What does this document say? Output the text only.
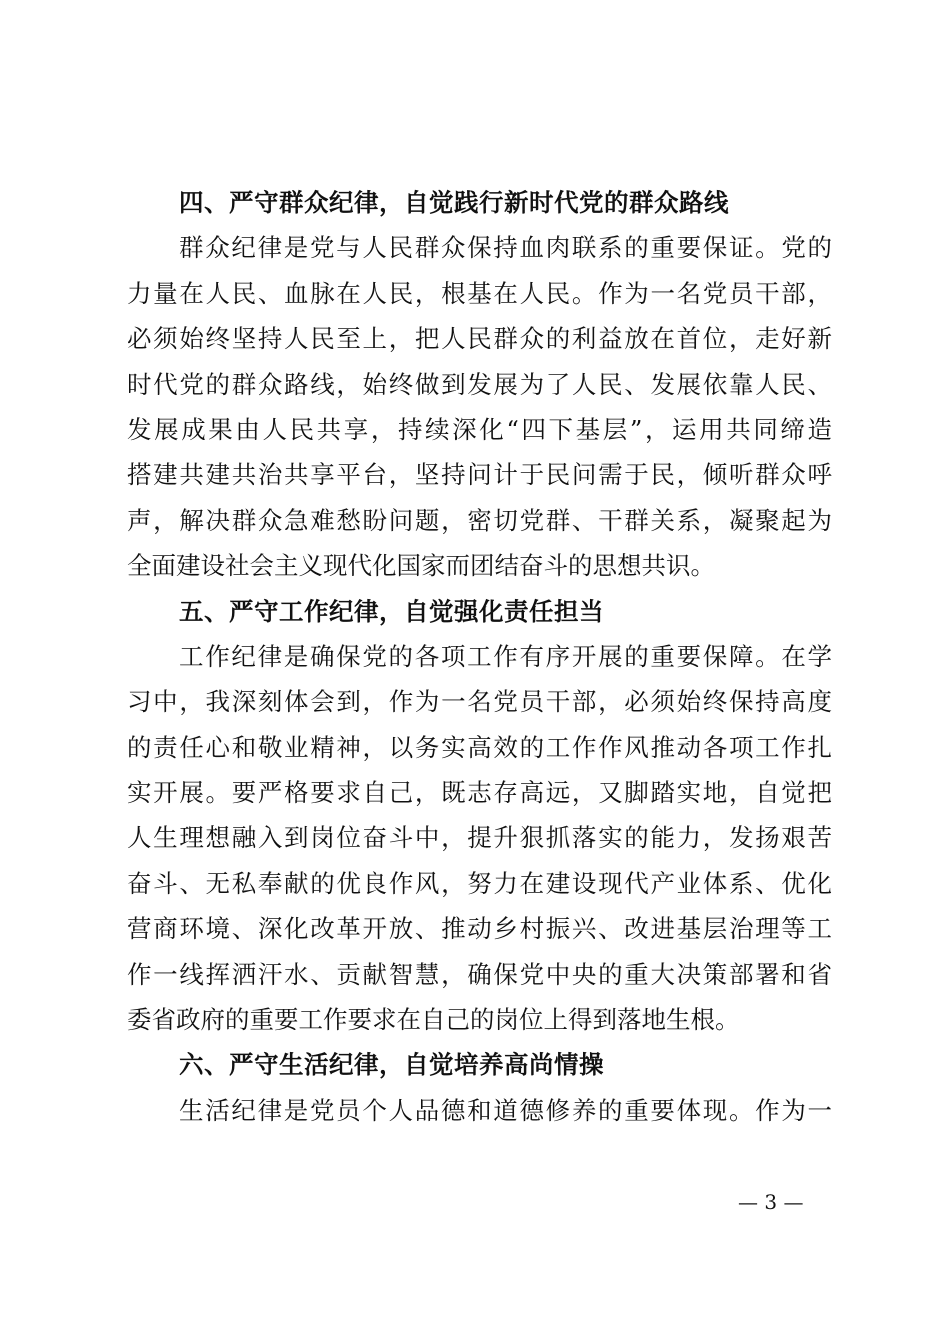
四、严守群众纪律，自觉践行新时代党的群众路线
群 众 纪 律 是 党 与 人 民 群 众 保 持 血 肉 联 系 的 重 要 保 证 。 党 的
力 量 在 人 民 、 血 脉 在 人 民 ， 根 基 在 人 民 。 作 为 一 名 党 员 干 部 ，
必 须 始 终 坚 持 人 民 至 上 ， 把 人 民 群 众 的 利 益 放 在 首 位 ， 走 好 新
时 代 党 的 群 众 路 线 ， 始 终 做 到 发 展 为 了 人 民 、 发 展 依 靠 人 民 、
发 展 成 果 由 人 民 共 享 ， 持 续 深 化 “ 四 下 基 层 ” ， 运 用 共 同 缔 造
搭 建 共 建 共 治 共 享 平 台 ， 坚 持 问 计 于 民 问 需 于 民 ， 倾 听 群 众 呼
声 ， 解 决 群 众 急 难 愁 盼 问 题 ， 密 切 党 群 、 干 群 关 系 ， 凝 聚 起 为
全面建设社会主义现代化国家而团结奋斗的思想共识。
五、严守工作纪律，自觉强化责任担当
工 作 纪 律 是 确 保 党 的 各 项 工 作 有 序 开 展 的 重 要 保 障 。 在 学
习 中 ， 我 深 刻 体 会 到 ， 作 为 一 名 党 员 干 部 ， 必 须 始 终 保 持 高 度
的 责 任 心 和 敬 业 精 神 ， 以 务 实 高 效 的 工 作 作 风 推 动 各 项 工 作 扎
实 开 展 。 要 严 格 要 求 自 己 ， 既 志 存 高 远 ， 又 脚 踏 实 地 ， 自 觉 把
人 生 理 想 融 入 到 岗 位 奋 斗 中 ， 提 升 狠 抓 落 实 的 能 力 ， 发 扬 艰 苦
奋 斗 、 无 私 奉 献 的 优 良 作 风 ， 努 力 在 建 设 现 代 产 业 体 系 、 优 化
营 商 环 境 、 深 化 改 革 开 放 、 推 动 乡 村 振 兴 、 改 进 基 层 治 理 等 工
作 一 线 挥 洒 汗 水 、 贡 献 智 慧 ， 确 保 党 中 央 的 重 大 决 策 部 署 和 省
委省政府的重要工作要求在自己的岗位上得到落地生根。
六、严守生活纪律，自觉培养高尚情操
生 活 纪 律 是 党 员 个 人 品 德 和 道 德 修 养 的 重 要 体 现 。 作 为 一
— 3 —
